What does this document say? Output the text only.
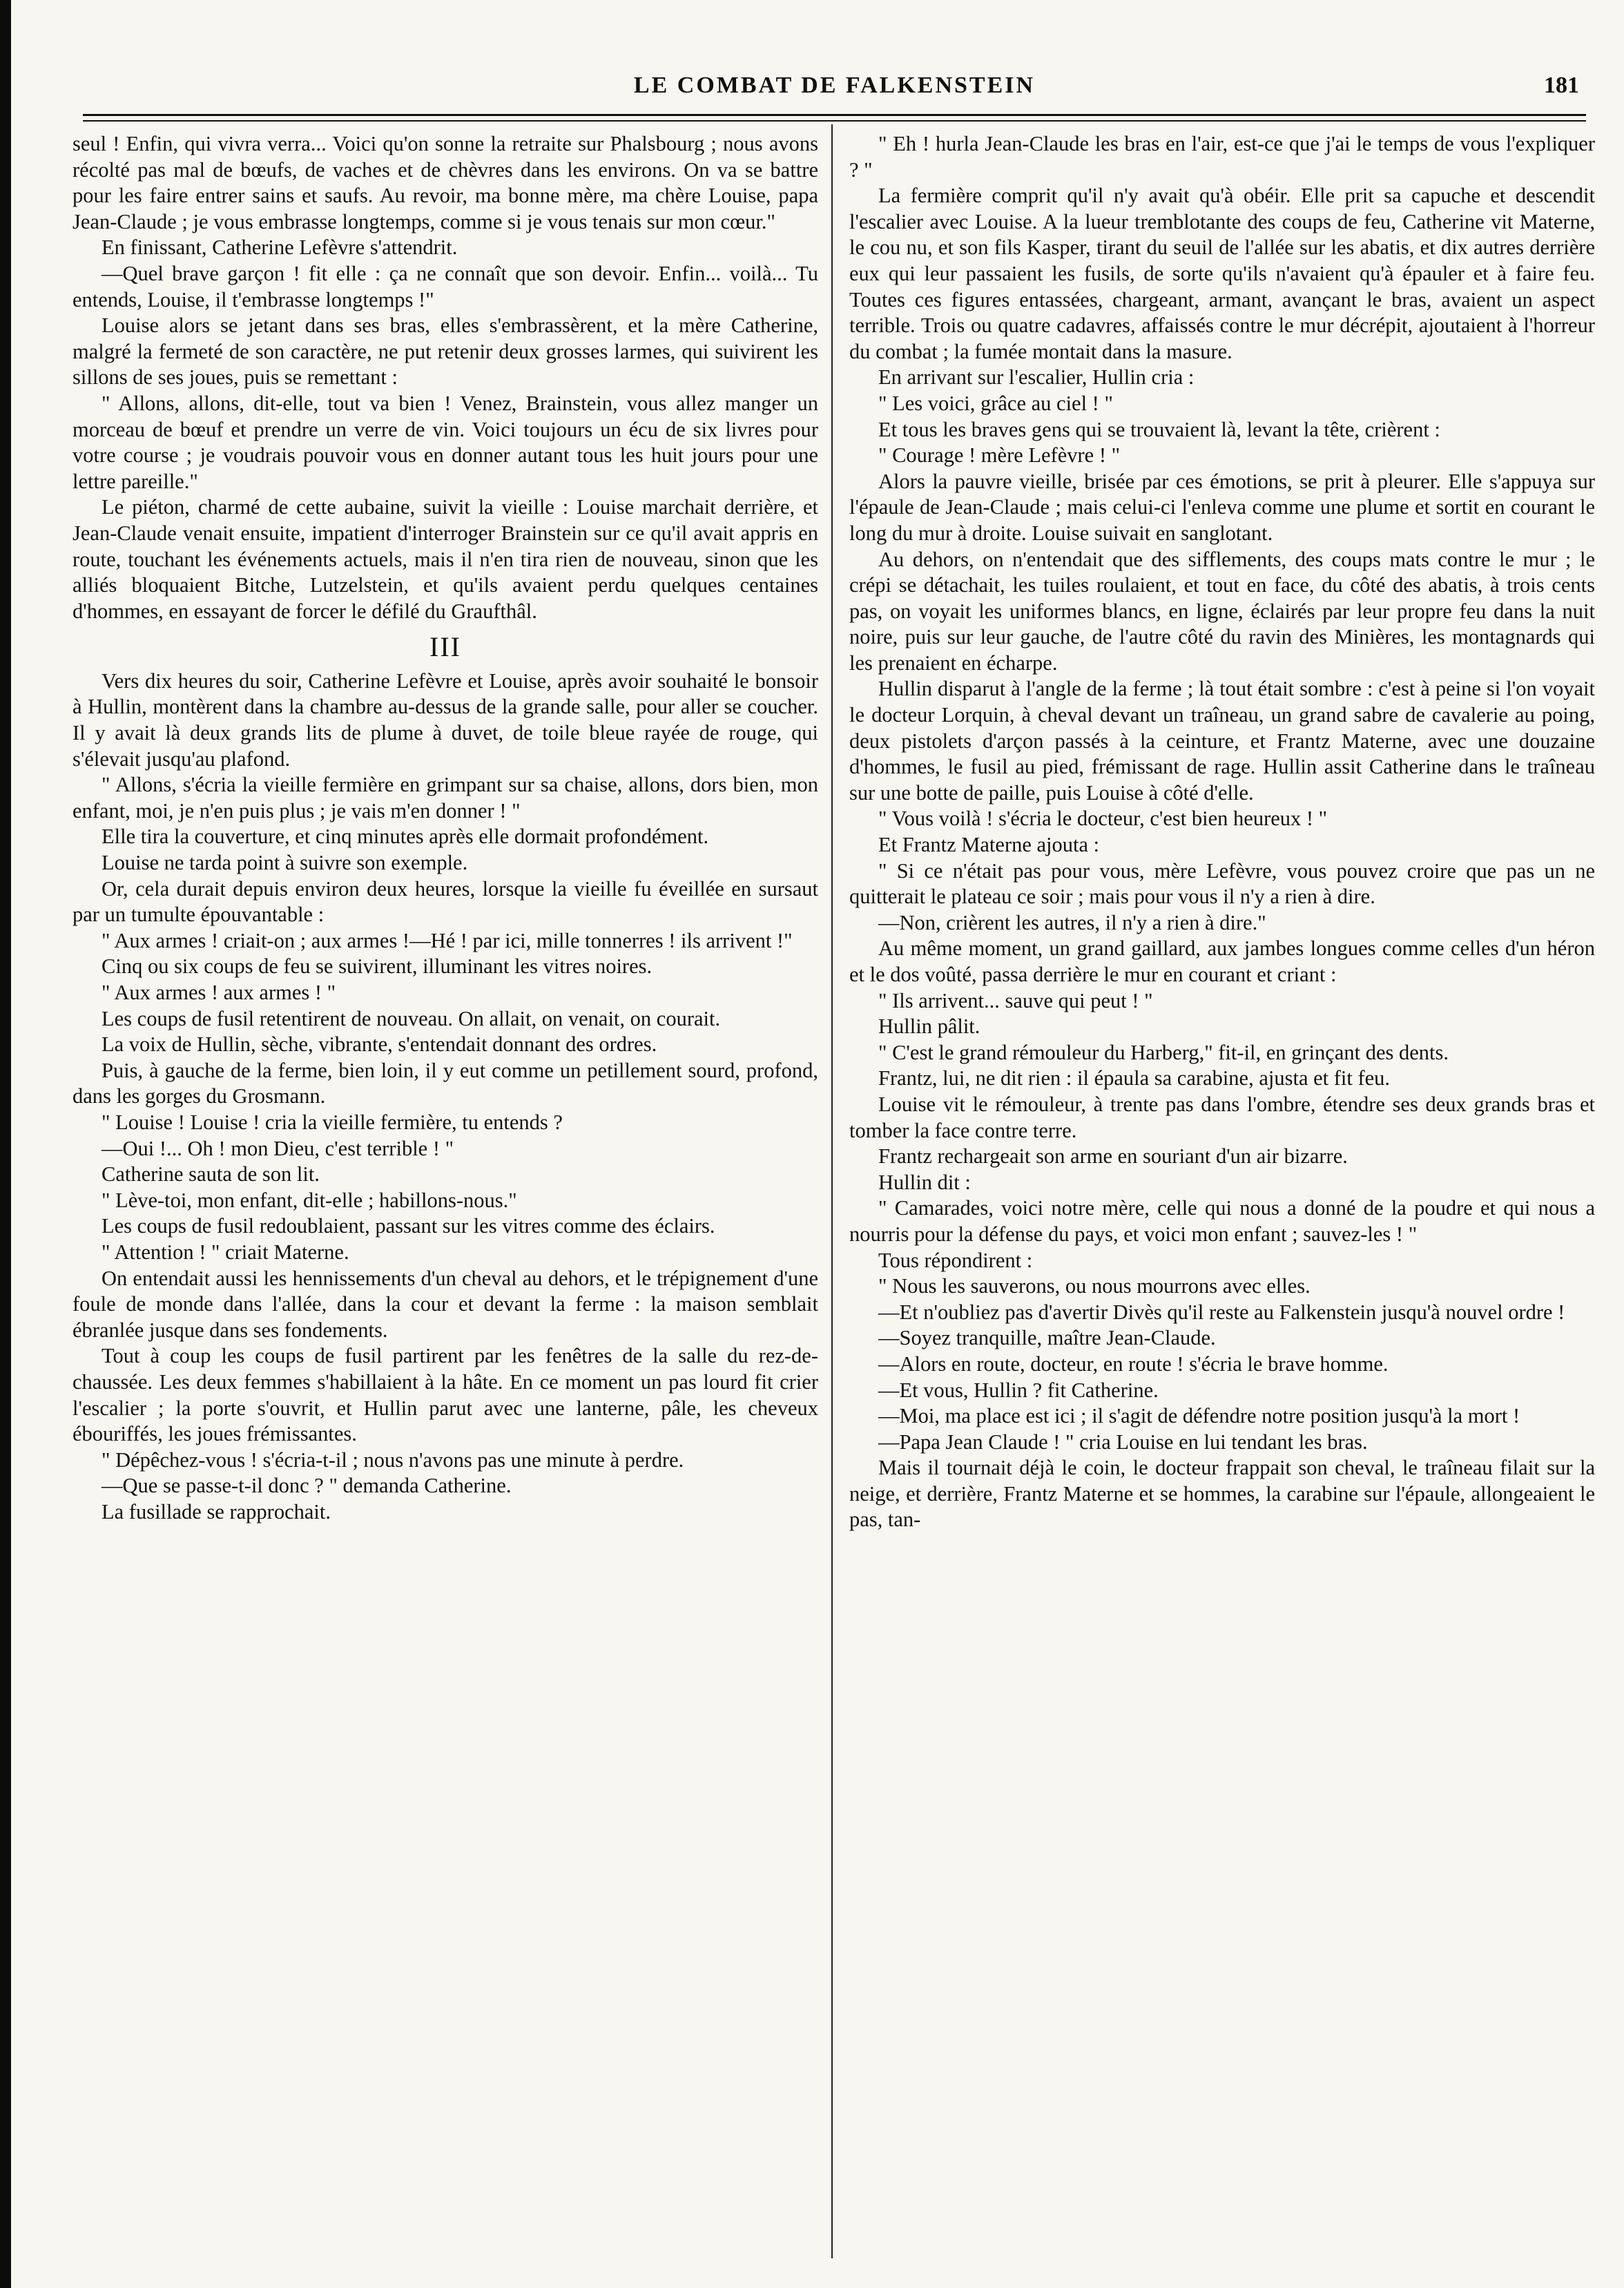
LE COMBAT DE FALKENSTEIN	181

seul ! Enfin, qui vivra verra... Voici qu'on sonne la retraite sur Phalsbourg ; nous avons récolté pas mal de bœufs, de vaches et de chèvres dans les environs. On va se battre pour les faire entrer sains et saufs. Au revoir, ma bonne mère, ma chère Louise, papa Jean-Claude ; je vous embrasse longtemps, comme si je vous tenais sur mon cœur."

En finissant, Catherine Lefèvre s'attendrit.

—Quel brave garçon ! fit elle : ça ne connaît que son devoir. Enfin... voilà... Tu entends, Louise, il t'embrasse longtemps !"

Louise alors se jetant dans ses bras, elles s'embrassèrent, et la mère Catherine, malgré la fermeté de son caractère, ne put retenir deux grosses larmes, qui suivirent les sillons de ses joues, puis se remettant :

" Allons, allons, dit-elle, tout va bien ! Venez, Brainstein, vous allez manger un morceau de bœuf et prendre un verre de vin. Voici toujours un écu de six livres pour votre course ; je voudrais pouvoir vous en donner autant tous les huit jours pour une lettre pareille."

Le piéton, charmé de cette aubaine, suivit la vieille : Louise marchait derrière, et Jean-Claude venait ensuite, impatient d'interroger Brainstein sur ce qu'il avait appris en route, touchant les événements actuels, mais il n'en tira rien de nouveau, sinon que les alliés bloquaient Bitche, Lutzelstein, et qu'ils avaient perdu quelques centaines d'hommes, en essayant de forcer le défilé du Graufthâl.

III

Vers dix heures du soir, Catherine Lefèvre et Louise, après avoir souhaité le bonsoir à Hullin, montèrent dans la chambre au-dessus de la grande salle, pour aller se coucher. Il y avait là deux grands lits de plume à duvet, de toile bleue rayée de rouge, qui s'élevait jusqu'au plafond.

" Allons, s'écria la vieille fermière en grimpant sur sa chaise, allons, dors bien, mon enfant, moi, je n'en puis plus ; je vais m'en donner ! "

Elle tira la couverture, et cinq minutes après elle dormait profondément.

Louise ne tarda point à suivre son exemple.

Or, cela durait depuis environ deux heures, lorsque la vieille fu éveillée en sursaut par un tumulte épouvantable :

" Aux armes ! criait-on ; aux armes !—Hé ! par ici, mille tonnerres ! ils arrivent !"

Cinq ou six coups de feu se suivirent, illuminant les vitres noires.

" Aux armes ! aux armes ! "

Les coups de fusil retentirent de nouveau. On allait, on venait, on courait.

La voix de Hullin, sèche, vibrante, s'entendait donnant des ordres.

Puis, à gauche de la ferme, bien loin, il y eut comme un petillement sourd, profond, dans les gorges du Grosmann.

" Louise ! Louise ! cria la vieille fermière, tu entends ?

—Oui !... Oh ! mon Dieu, c'est terrible ! "

Catherine sauta de son lit.

" Lève-toi, mon enfant, dit-elle ; habillons-nous."

Les coups de fusil redoublaient, passant sur les vitres comme des éclairs.

" Attention ! " criait Materne.

On entendait aussi les hennissements d'un cheval au dehors, et le trépignement d'une foule de monde dans l'allée, dans la cour et devant la ferme : la maison semblait ébranlée jusque dans ses fondements.

Tout à coup les coups de fusil partirent par les fenêtres de la salle du rez-de-chaussée. Les deux femmes s'habillaient à la hâte. En ce moment un pas lourd fit crier l'escalier ; la porte s'ouvrit, et Hullin parut avec une lanterne, pâle, les cheveux ébouriffés, les joues frémissantes.

" Dépêchez-vous ! s'écria-t-il ; nous n'avons pas une minute à perdre.

—Que se passe-t-il donc ? " demanda Catherine.

La fusillade se rapprochait.

" Eh ! hurla Jean-Claude les bras en l'air, est-ce que j'ai le temps de vous l'expliquer ? "

La fermière comprit qu'il n'y avait qu'à obéir. Elle prit sa capuche et descendit l'escalier avec Louise. A la lueur tremblotante des coups de feu, Catherine vit Materne, le cou nu, et son fils Kasper, tirant du seuil de l'allée sur les abatis, et dix autres derrière eux qui leur passaient les fusils, de sorte qu'ils n'avaient qu'à épauler et à faire feu. Toutes ces figures entassées, chargeant, armant, avançant le bras, avaient un aspect terrible. Trois ou quatre cadavres, affaissés contre le mur décrépit, ajoutaient à l'horreur du combat ; la fumée montait dans la masure.

En arrivant sur l'escalier, Hullin cria :

" Les voici, grâce au ciel ! "

Et tous les braves gens qui se trouvaient là, levant la tête, crièrent :

" Courage ! mère Lefèvre ! "

Alors la pauvre vieille, brisée par ces émotions, se prit à pleurer. Elle s'appuya sur l'épaule de Jean-Claude ; mais celui-ci l'enleva comme une plume et sortit en courant le long du mur à droite. Louise suivait en sanglotant.

Au dehors, on n'entendait que des sifflements, des coups mats contre le mur ; le crépi se détachait, les tuiles roulaient, et tout en face, du côté des abatis, à trois cents pas, on voyait les uniformes blancs, en ligne, éclairés par leur propre feu dans la nuit noire, puis sur leur gauche, de l'autre côté du ravin des Minières, les montagnards qui les prenaient en écharpe.

Hullin disparut à l'angle de la ferme ; là tout était sombre : c'est à peine si l'on voyait le docteur Lorquin, à cheval devant un traîneau, un grand sabre de cavalerie au poing, deux pistolets d'arçon passés à la ceinture, et Frantz Materne, avec une douzaine d'hommes, le fusil au pied, frémissant de rage. Hullin assit Catherine dans le traîneau sur une botte de paille, puis Louise à côté d'elle.

" Vous voilà ! s'écria le docteur, c'est bien heureux ! "

Et Frantz Materne ajouta :

" Si ce n'était pas pour vous, mère Lefèvre, vous pouvez croire que pas un ne quitterait le plateau ce soir ; mais pour vous il n'y a rien à dire.

—Non, crièrent les autres, il n'y a rien à dire."

Au même moment, un grand gaillard, aux jambes longues comme celles d'un héron et le dos voûté, passa derrière le mur en courant et criant :

" Ils arrivent... sauve qui peut ! "

Hullin pâlit.

" C'est le grand rémouleur du Harberg," fit-il, en grinçant des dents.

Frantz, lui, ne dit rien : il épaula sa carabine, ajusta et fit feu.

Louise vit le rémouleur, à trente pas dans l'ombre, étendre ses deux grands bras et tomber la face contre terre.

Frantz rechargeait son arme en souriant d'un air bizarre.

Hullin dit :

" Camarades, voici notre mère, celle qui nous a donné de la poudre et qui nous a nourris pour la défense du pays, et voici mon enfant ; sauvez-les ! "

Tous répondirent :

" Nous les sauverons, ou nous mourrons avec elles.

—Et n'oubliez pas d'avertir Divès qu'il reste au Falkenstein jusqu'à nouvel ordre !

—Soyez tranquille, maître Jean-Claude.

—Alors en route, docteur, en route ! s'écria le brave homme.

—Et vous, Hullin ? fit Catherine.

—Moi, ma place est ici ; il s'agit de défendre notre position jusqu'à la mort !

—Papa Jean Claude ! " cria Louise en lui tendant les bras.

Mais il tournait déjà le coin, le docteur frappait son cheval, le traîneau filait sur la neige, et derrière, Frantz Materne et se hommes, la carabine sur l'épaule, allongeaient le pas, tan-
